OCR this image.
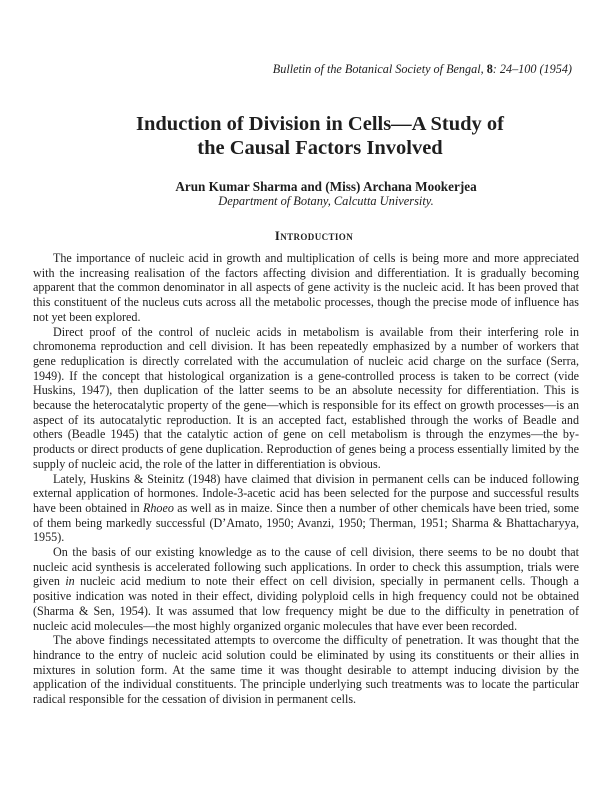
Bulletin of the Botanical Society of Bengal, 8: 24–100 (1954)
Induction of Division in Cells—A Study of
the Causal Factors Involved
Arun Kumar Sharma and (Miss) Archana Mookerjea
Department of Botany, Calcutta University.
Introduction

The importance of nucleic acid in growth and multiplication of cells is being more and more appreciated with the increasing realisation of the factors affecting division and differentiation. It is gradually becoming apparent that the common denominator in all aspects of gene activity is the nucleic acid. It has been proved that this constituent of the nucleus cuts across all the metabolic processes, though the precise mode of influence has not yet been explored.

Direct proof of the control of nucleic acids in metabolism is available from their interfering role in chromonema reproduction and cell division. It has been repeatedly emphasized by a number of workers that gene reduplication is directly correlated with the accumulation of nucleic acid charge on the surface (Serra, 1949). If the concept that histological organization is a gene-controlled process is taken to be correct (vide Huskins, 1947), then duplication of the latter seems to be an absolute necessity for differentiation. This is because the heterocatalytic property of the gene—which is responsible for its effect on growth processes—is an aspect of its autocatalytic reproduction. It is an accepted fact, established through the works of Beadle and others (Beadle 1945) that the catalytic action of gene on cell metabolism is through the enzymes—the by-products or direct products of gene duplication. Reproduction of genes being a process essentially limited by the supply of nucleic acid, the role of the latter in differentiation is obvious.

Lately, Huskins & Steinitz (1948) have claimed that division in permanent cells can be induced following external application of hormones. Indole-3-acetic acid has been selected for the purpose and successful results have been obtained in Rhoeo as well as in maize. Since then a number of other chemicals have been tried, some of them being markedly successful (D’Amato, 1950; Avanzi, 1950; Therman, 1951; Sharma & Bhattacharyya, 1955).

On the basis of our existing knowledge as to the cause of cell division, there seems to be no doubt that nucleic acid synthesis is accelerated following such applications. In order to check this assumption, trials were given in nucleic acid medium to note their effect on cell division, specially in permanent cells. Though a positive indication was noted in their effect, dividing polyploid cells in high frequency could not be obtained (Sharma & Sen, 1954). It was assumed that low frequency might be due to the difficulty in penetration of nucleic acid molecules—the most highly organized organic molecules that have ever been recorded.

The above findings necessitated attempts to overcome the difficulty of penetration. It was thought that the hindrance to the entry of nucleic acid solution could be eliminated by using its constituents or their allies in mixtures in solution form. At the same time it was thought desirable to attempt inducing division by the application of the individual constituents. The principle underlying such treatments was to locate the particular radical responsible for the cessation of division in permanent cells.
